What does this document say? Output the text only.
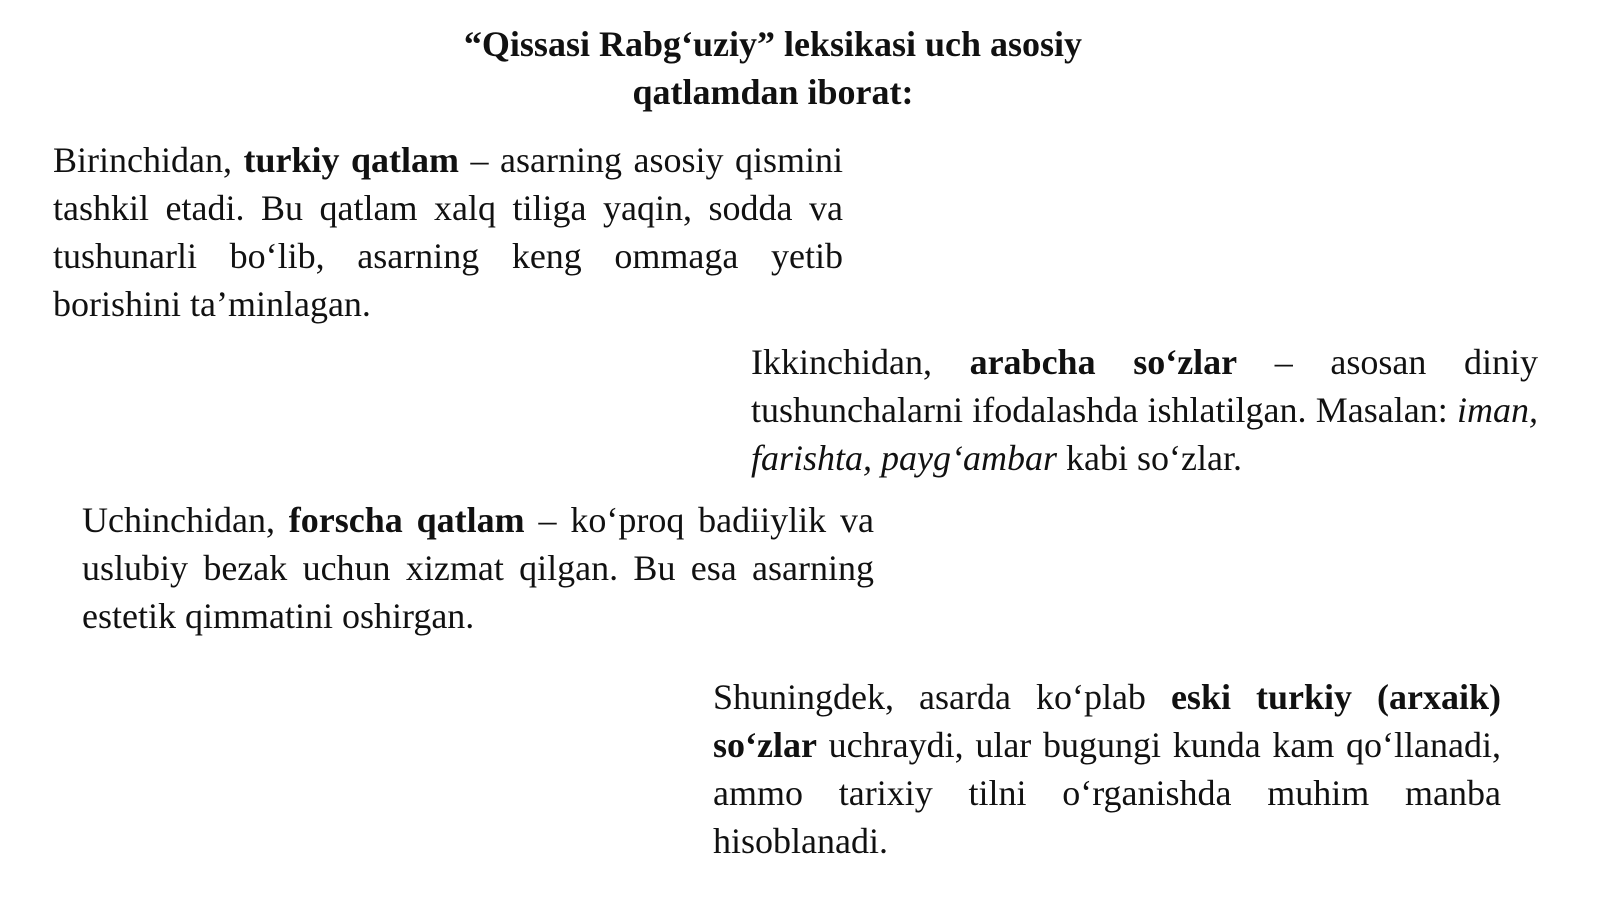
“Qissasi Rabg‘uziy” leksikasi uch asosiy
qatlamdan iborat:

Birinchidan, turkiy qatlam – asarning asosiy qismini tashkil etadi. Bu qatlam xalq tiliga yaqin, sodda va tushunarli bo‘lib, asarning keng ommaga yetib borishini ta’minlagan.

Ikkinchidan, arabcha so‘zlar – asosan diniy tushunchalarni ifodalashda ishlatilgan. Masalan: iman, farishta, payg‘ambar kabi so‘zlar.

Uchinchidan, forscha qatlam – ko‘proq badiiylik va uslubiy bezak uchun xizmat qilgan. Bu esa asarning estetik qimmatini oshirgan.

Shuningdek, asarda ko‘plab eski turkiy (arxaik) so‘zlar uchraydi, ular bugungi kunda kam qo‘llanadi, ammo tarixiy tilni o‘rganishda muhim manba hisoblanadi.
